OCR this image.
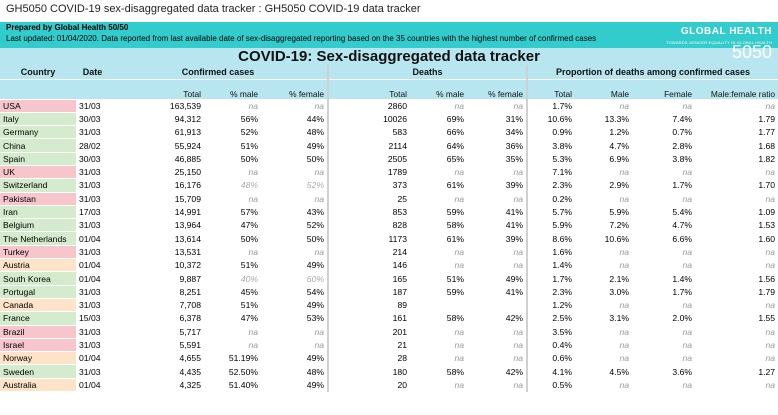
GH5050 COVID-19 sex-disaggregated data tracker : GH5050 COVID-19 data tracker
Prepared by Global Health 50/50
Last updated: 01/04/2020. Data reported from last available date of sex-disaggregated reporting based on the 35 countries with the highest number of confirmed cases
GLOBAL HEALTH5050
TOWARDS GENDER EQUALITY IN GLOBAL HEALTH
COVID-19: Sex-disaggregated data tracker											
Country	Date	Confirmed cases			Deaths			Proportion of deaths among confirmed cases			
		Total	% male	% female	Total	% male	% female	Total	Male	Female	Male:female ratio
USA	31/03	163,539	na	na	2860	na	na	1.7%	na	na	na
Italy	30/03	94,312	56%	44%	10026	69%	31%	10.6%	13.3%	7.4%	1.79
Germany	31/03	61,913	52%	48%	583	66%	34%	0.9%	1.2%	0.7%	1.77
China	28/02	55,924	51%	49%	2114	64%	36%	3.8%	4.7%	2.8%	1.68
Spain	30/03	46,885	50%	50%	2505	65%	35%	5.3%	6.9%	3.8%	1.82
UK	31/03	25,150	na	na	1789	na	na	7.1%	na	na	na
Switzerland	31/03	16,176	48%	52%	373	61%	39%	2.3%	2.9%	1.7%	1.70
Pakistan	31/03	15,709	na	na	25	na	na	0.2%	na	na	na
Iran	17/03	14,991	57%	43%	853	59%	41%	5.7%	5.9%	5.4%	1.09
Belgium	31/03	13,964	47%	52%	828	58%	41%	5.9%	7.2%	4.7%	1.53
The Netherlands	01/04	13,614	50%	50%	1173	61%	39%	8.6%	10.6%	6.6%	1.60
Turkey	31/03	13,531	na	na	214	na	na	1.6%	na	na	na
Austria	01/04	10,372	51%	49%	146	na	na	1.4%	na	na	na
South Korea	01/04	9,887	40%	60%	165	51%	49%	1.7%	2.1%	1.4%	1.56
Portugal	31/03	8,251	45%	54%	187	59%	41%	2.3%	3.0%	1.7%	1.79
Canada	31/03	7,708	51%	49%	89			1.2%	na	na	na
France	15/03	6,378	47%	53%	161	58%	42%	2.5%	3.1%	2.0%	1.55
Brazil	31/03	5,717	na	na	201	na	na	3.5%	na	na	na
Israel	31/03	5,591	na	na	21	na	na	0.4%	na	na	na
Norway	01/04	4,655	51.19%	49%	28	na	na	0.6%	na	na	na
Sweden	31/03	4,435	52.50%	48%	180	58%	42%	4.1%	4.5%	3.6%	1.27
Australia	01/04	4,325	51.40%	49%	20	na	na	0.5%	na	na	na
